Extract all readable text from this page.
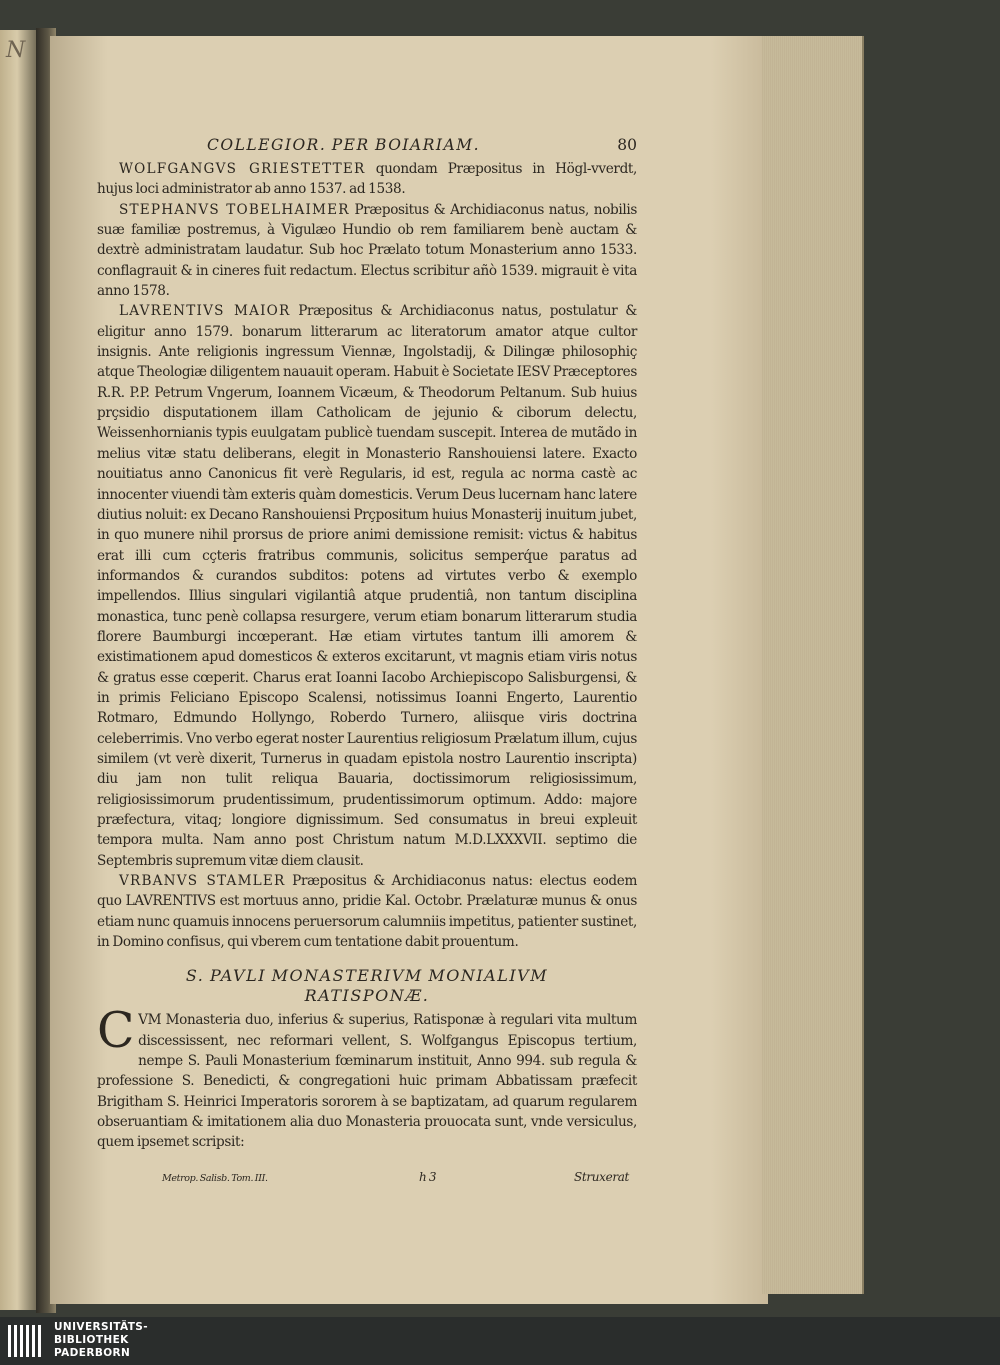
N
COLLEGIOR. PER BOIARIAM.	80

WOLFGANGVS GRIESTETTER quondam Præpositus in Högl-vverdt, hujus loci administrator ab anno 1537. ad 1538.

STEPHANVS TOBELHAIMER Præpositus & Archidiaconus natus, nobilis suæ familiæ postremus, à Vigulæo Hundio ob rem familiarem benè auctam & dextrè administratam laudatur. Sub hoc Prælato totum Monasterium anno 1533. conflagrauit & in cineres fuit redactum. Electus scribitur añò 1539. migrauit è vita anno 1578.

LAVRENTIVS MAIOR Præpositus & Archidiaconus natus, postulatur & eligitur anno 1579. bonarum litterarum ac literatorum amator atque cultor insignis. Ante religionis ingressum Viennæ, Ingolstadij, & Dilingæ philosophiç atque Theologiæ diligentem nauauit operam. Habuit è Societate IESV Præceptores R.R. P.P. Petrum Vngerum, Ioannem Vicæum, & Theodorum Peltanum. Sub huius prçsidio disputationem illam Catholicam de jejunio & ciborum delectu, Weissenhornianis typis euulgatam publicè tuendam suscepit. Interea de mutãdo in melius vitæ statu deliberans, elegit in Monasterio Ranshouiensi latere. Exacto nouitiatus anno Canonicus fit verè Regularis, id est, regula ac norma castè ac innocenter viuendi tàm exteris quàm domesticis. Verum Deus lucernam hanc latere diutius noluit: ex Decano Ranshouiensi Prçpositum huius Monasterij inuitum jubet, in quo munere nihil prorsus de priore animi demissione remisit: victus & habitus erat illi cum cçteris fratribus communis, solicitus semperq́ue paratus ad informandos & curandos subditos: potens ad virtutes verbo & exemplo impellendos. Illius singulari vigilantiâ atque prudentiâ, non tantum disciplina monastica, tunc penè collapsa resurgere, verum etiam bonarum litterarum studia florere Baumburgi incœperant. Hæ etiam virtutes tantum illi amorem & existimationem apud domesticos & exteros excitarunt, vt magnis etiam viris notus & gratus esse cœperit. Charus erat Ioanni Iacobo Archiepiscopo Salisburgensi, & in primis Feliciano Episcopo Scalensi, notissimus Ioanni Engerto, Laurentio Rotmaro, Edmundo Hollyngo, Roberdo Turnero, aliisque viris doctrina celeberrimis. Vno verbo egerat noster Laurentius religiosum Prælatum illum, cujus similem (vt verè dixerit, Turnerus in quadam epistola nostro Laurentio inscripta) diu jam non tulit reliqua Bauaria, doctissimorum religiosissimum, religiosissimorum prudentissimum, prudentissimorum optimum. Addo: majore præfectura, vitaq; longiore dignissimum. Sed consumatus in breui expleuit tempora multa. Nam anno post Christum natum M.D.LXXXVII. septimo die Septembris supremum vitæ diem clausit.

VRBANVS STAMLER Præpositus & Archidiaconus natus: electus eodem quo LAVRENTIVS est mortuus anno, pridie Kal. Octobr. Prælaturæ munus & onus etiam nunc quamuis innocens peruersorum calumniis impetitus, patienter sustinet, in Domino confisus, qui vberem cum tentatione dabit prouentum.

S. PAVLI MONASTERIVM MONIALIVM
RATISPONÆ.

CVM Monasteria duo, inferius & superius, Ratisponæ à regulari vita multum discessissent, nec reformari vellent, S. Wolfgangus Episcopus tertium, nempe S. Pauli Monasterium fœminarum instituit, Anno 994. sub regula & professione S. Benedicti, & congregationi huic primam Abbatissam præfecit Brigitham S. Heinrici Imperatoris sororem à se baptizatam, ad quarum regularem obseruantiam & imitationem alia duo Monasteria prouocata sunt, vnde versiculus, quem ipsemet scripsit:

Metrop. Salisb. Tom. III.	h 3	Struxerat
UNIVERSITÄTS-
BIBLIOTHEK
PADERBORN
